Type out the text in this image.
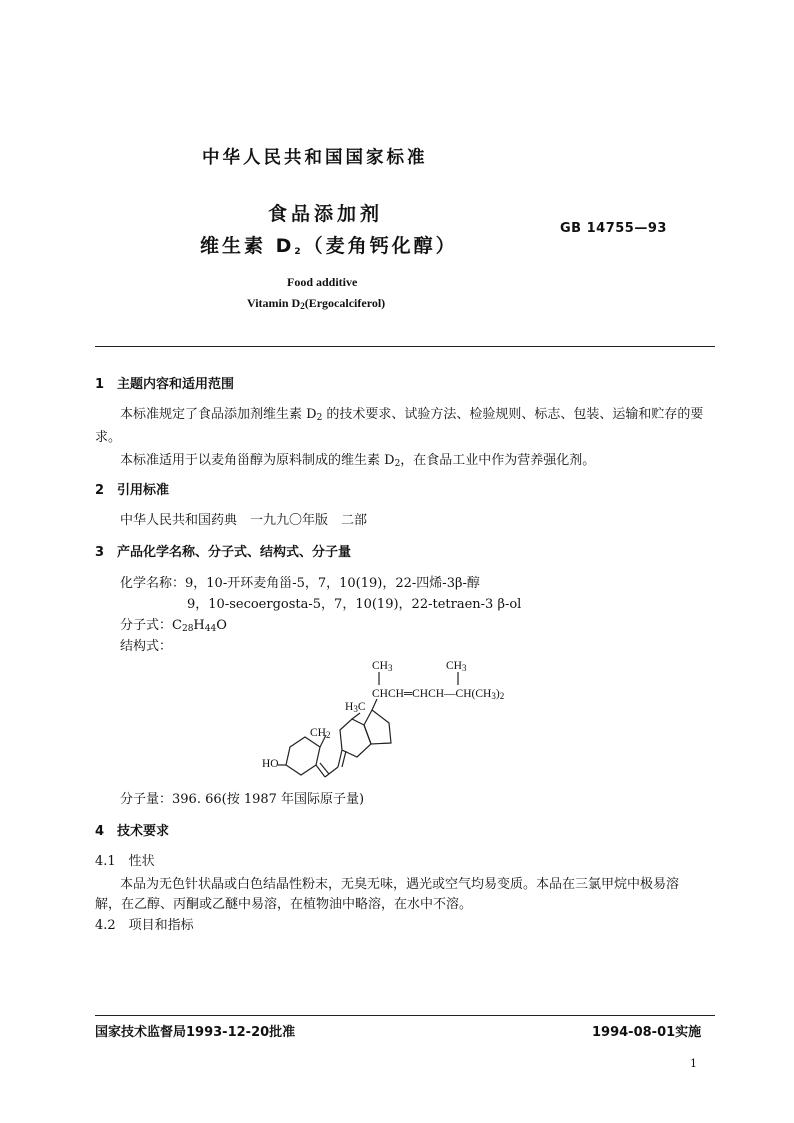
中华人民共和国国家标准
食品添加剂
维生素 $D_2$（麦角钙化醇）
GB 14755—93
Food additive
Vitamin $D_2(Ergocalciferol)$
1　主题内容和适用范围
本标准规定了食品添加剂维生素 $D_2$ 的技术要求、试验方法、检验规则、标志、包装、运输和贮存的要
求。
本标准适用于以麦角甾醇为原料制成的维生素 $D_2$，在食品工业中作为营养强化剂。
2　引用标准
中华人民共和国药典　一九九〇年版　二部
3　产品化学名称、分子式、结构式、分子量
化学名称：9，10-开环麦角甾-5，7，10(19)，22-四烯-3β-醇
9，10-secoergosta-5，7，10(19)，22-tetraen-3 β-ol
分子式：$C_{28}H_{44}O$
结构式：
$CH_3$	$CH_3$
$CHCH═CHCH—CH(CH_3)_2$
$H_3C$
$CH_2$
HO
分子量：396. 66(按 1987 年国际原子量)
4　技术要求
4.1　性状
本品为无色针状晶或白色结晶性粉末，无臭无味，遇光或空气均易变质。本品在三氯甲烷中极易溶
解，在乙醇、丙酮或乙醚中易溶，在植物油中略溶，在水中不溶。
4.2　项目和指标
国家技术监督局1993-12-20批准	1994-08-01实施
1
